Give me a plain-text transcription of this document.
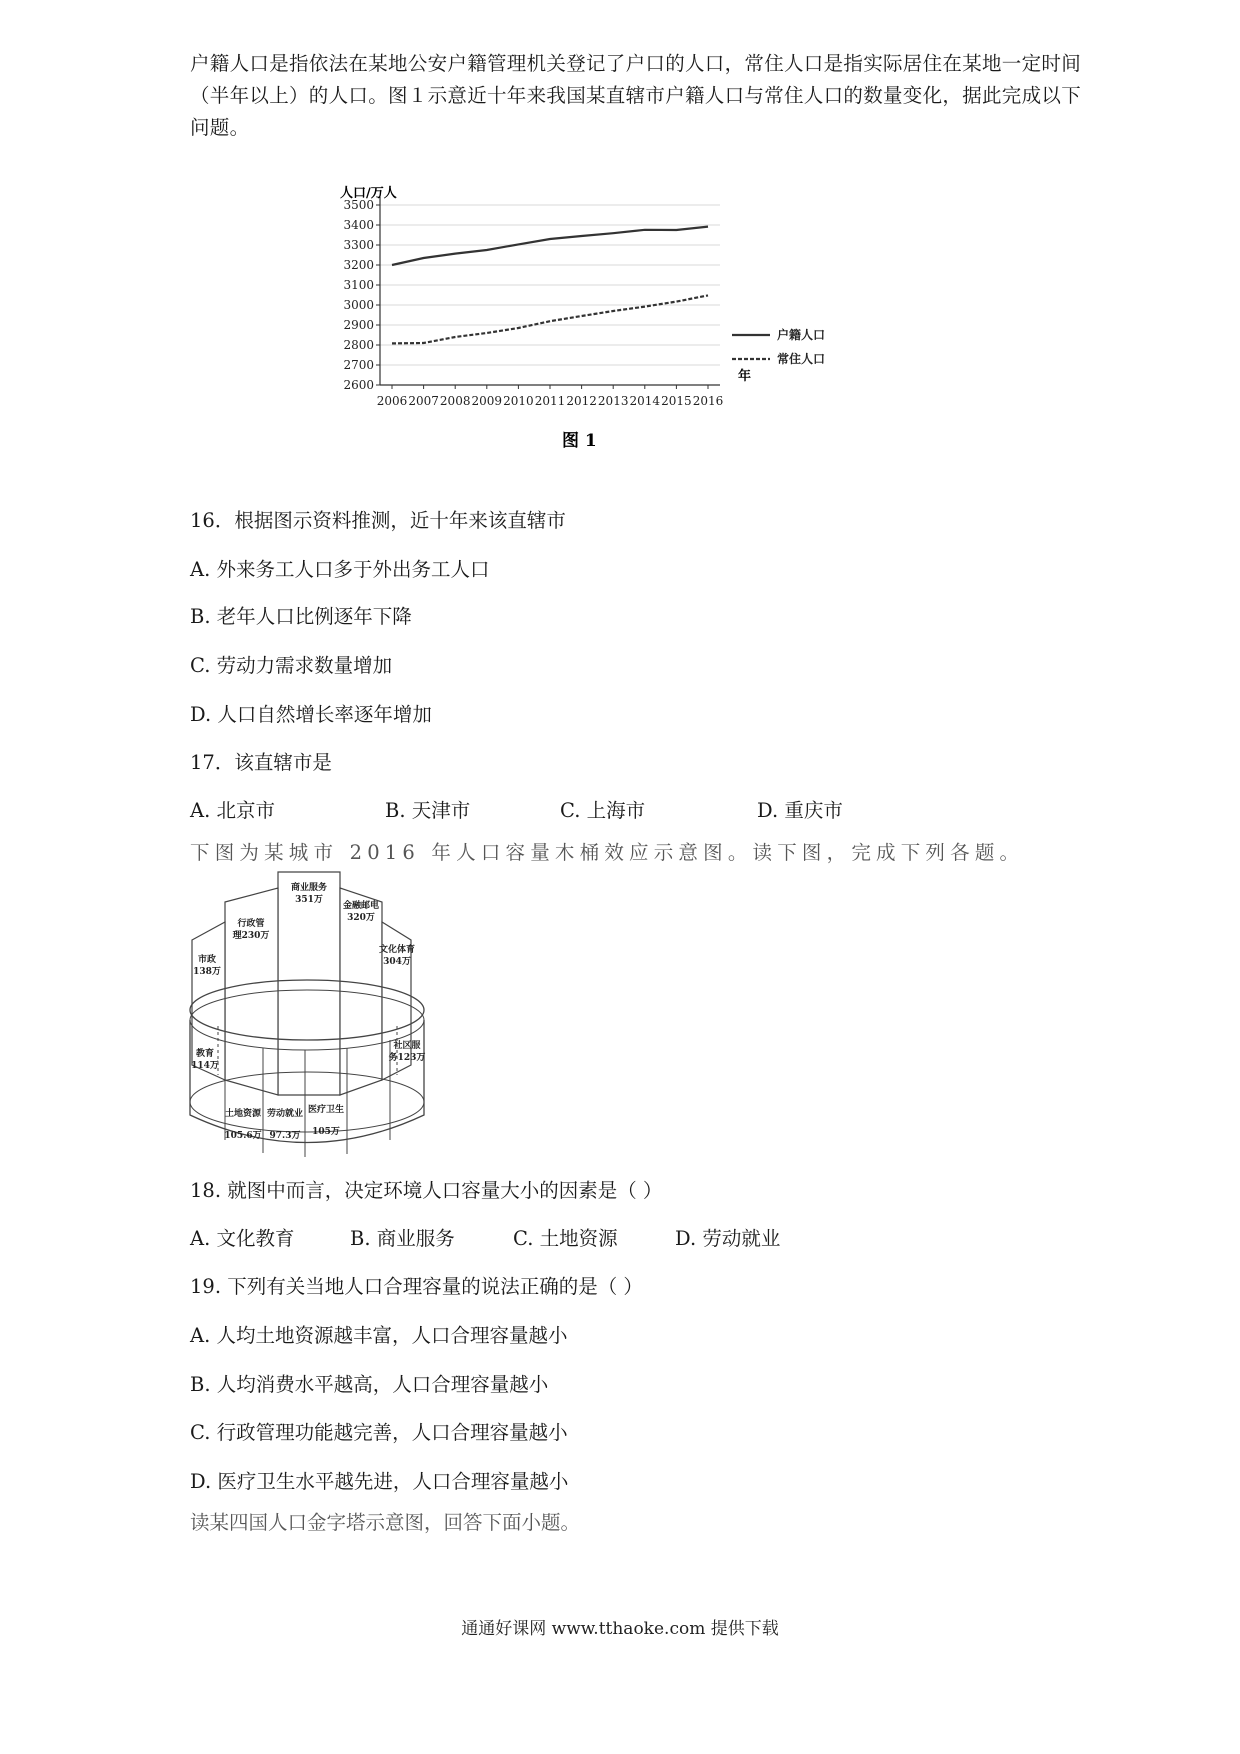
户籍人口是指依法在某地公安户籍管理机关登记了户口的人口，常住人口是指实际居住在某地一定时间（半年以上）的人口。图１示意近十年来我国某直辖市户籍人口与常住人口的数量变化，据此完成以下问题。
3500
3400
3300
3200
3100
3000
2900
2800
2700
2600
2006 2007 2008 2009 2010 2011 2012 2013 2014 2015 2016
户籍人口
常住人口
人口/万人
年
图 1
16．根据图示资料推测，近十年来该直辖市
A. 外来务工人口多于外出务工人口
B. 老年人口比例逐年下降
C. 劳动力需求数量增加
D. 人口自然增长率逐年增加
17．该直辖市是
A. 北京市	B. 天津市	C. 上海市	D. 重庆市
下图为某城市 2016 年人口容量木桶效应示意图。读下图，完成下列各题。
商业服务
351万
金融邮电
320万
行政管
理230万
文化体育
304万
市政
138万
教育
114万
社区服
务123万
土地资源
105.6万
劳动就业
97.3万
医疗卫生
105万
18. 就图中而言，决定环境人口容量大小的因素是（ ）
A. 文化教育	B. 商业服务	C. 土地资源	D. 劳动就业
19. 下列有关当地人口合理容量的说法正确的是（ ）
A. 人均土地资源越丰富，人口合理容量越小
B. 人均消费水平越高，人口合理容量越小
C. 行政管理功能越完善，人口合理容量越小
D. 医疗卫生水平越先进，人口合理容量越小
读某四国人口金字塔示意图，回答下面小题。
通通好课网 www.tthaoke.com 提供下载
